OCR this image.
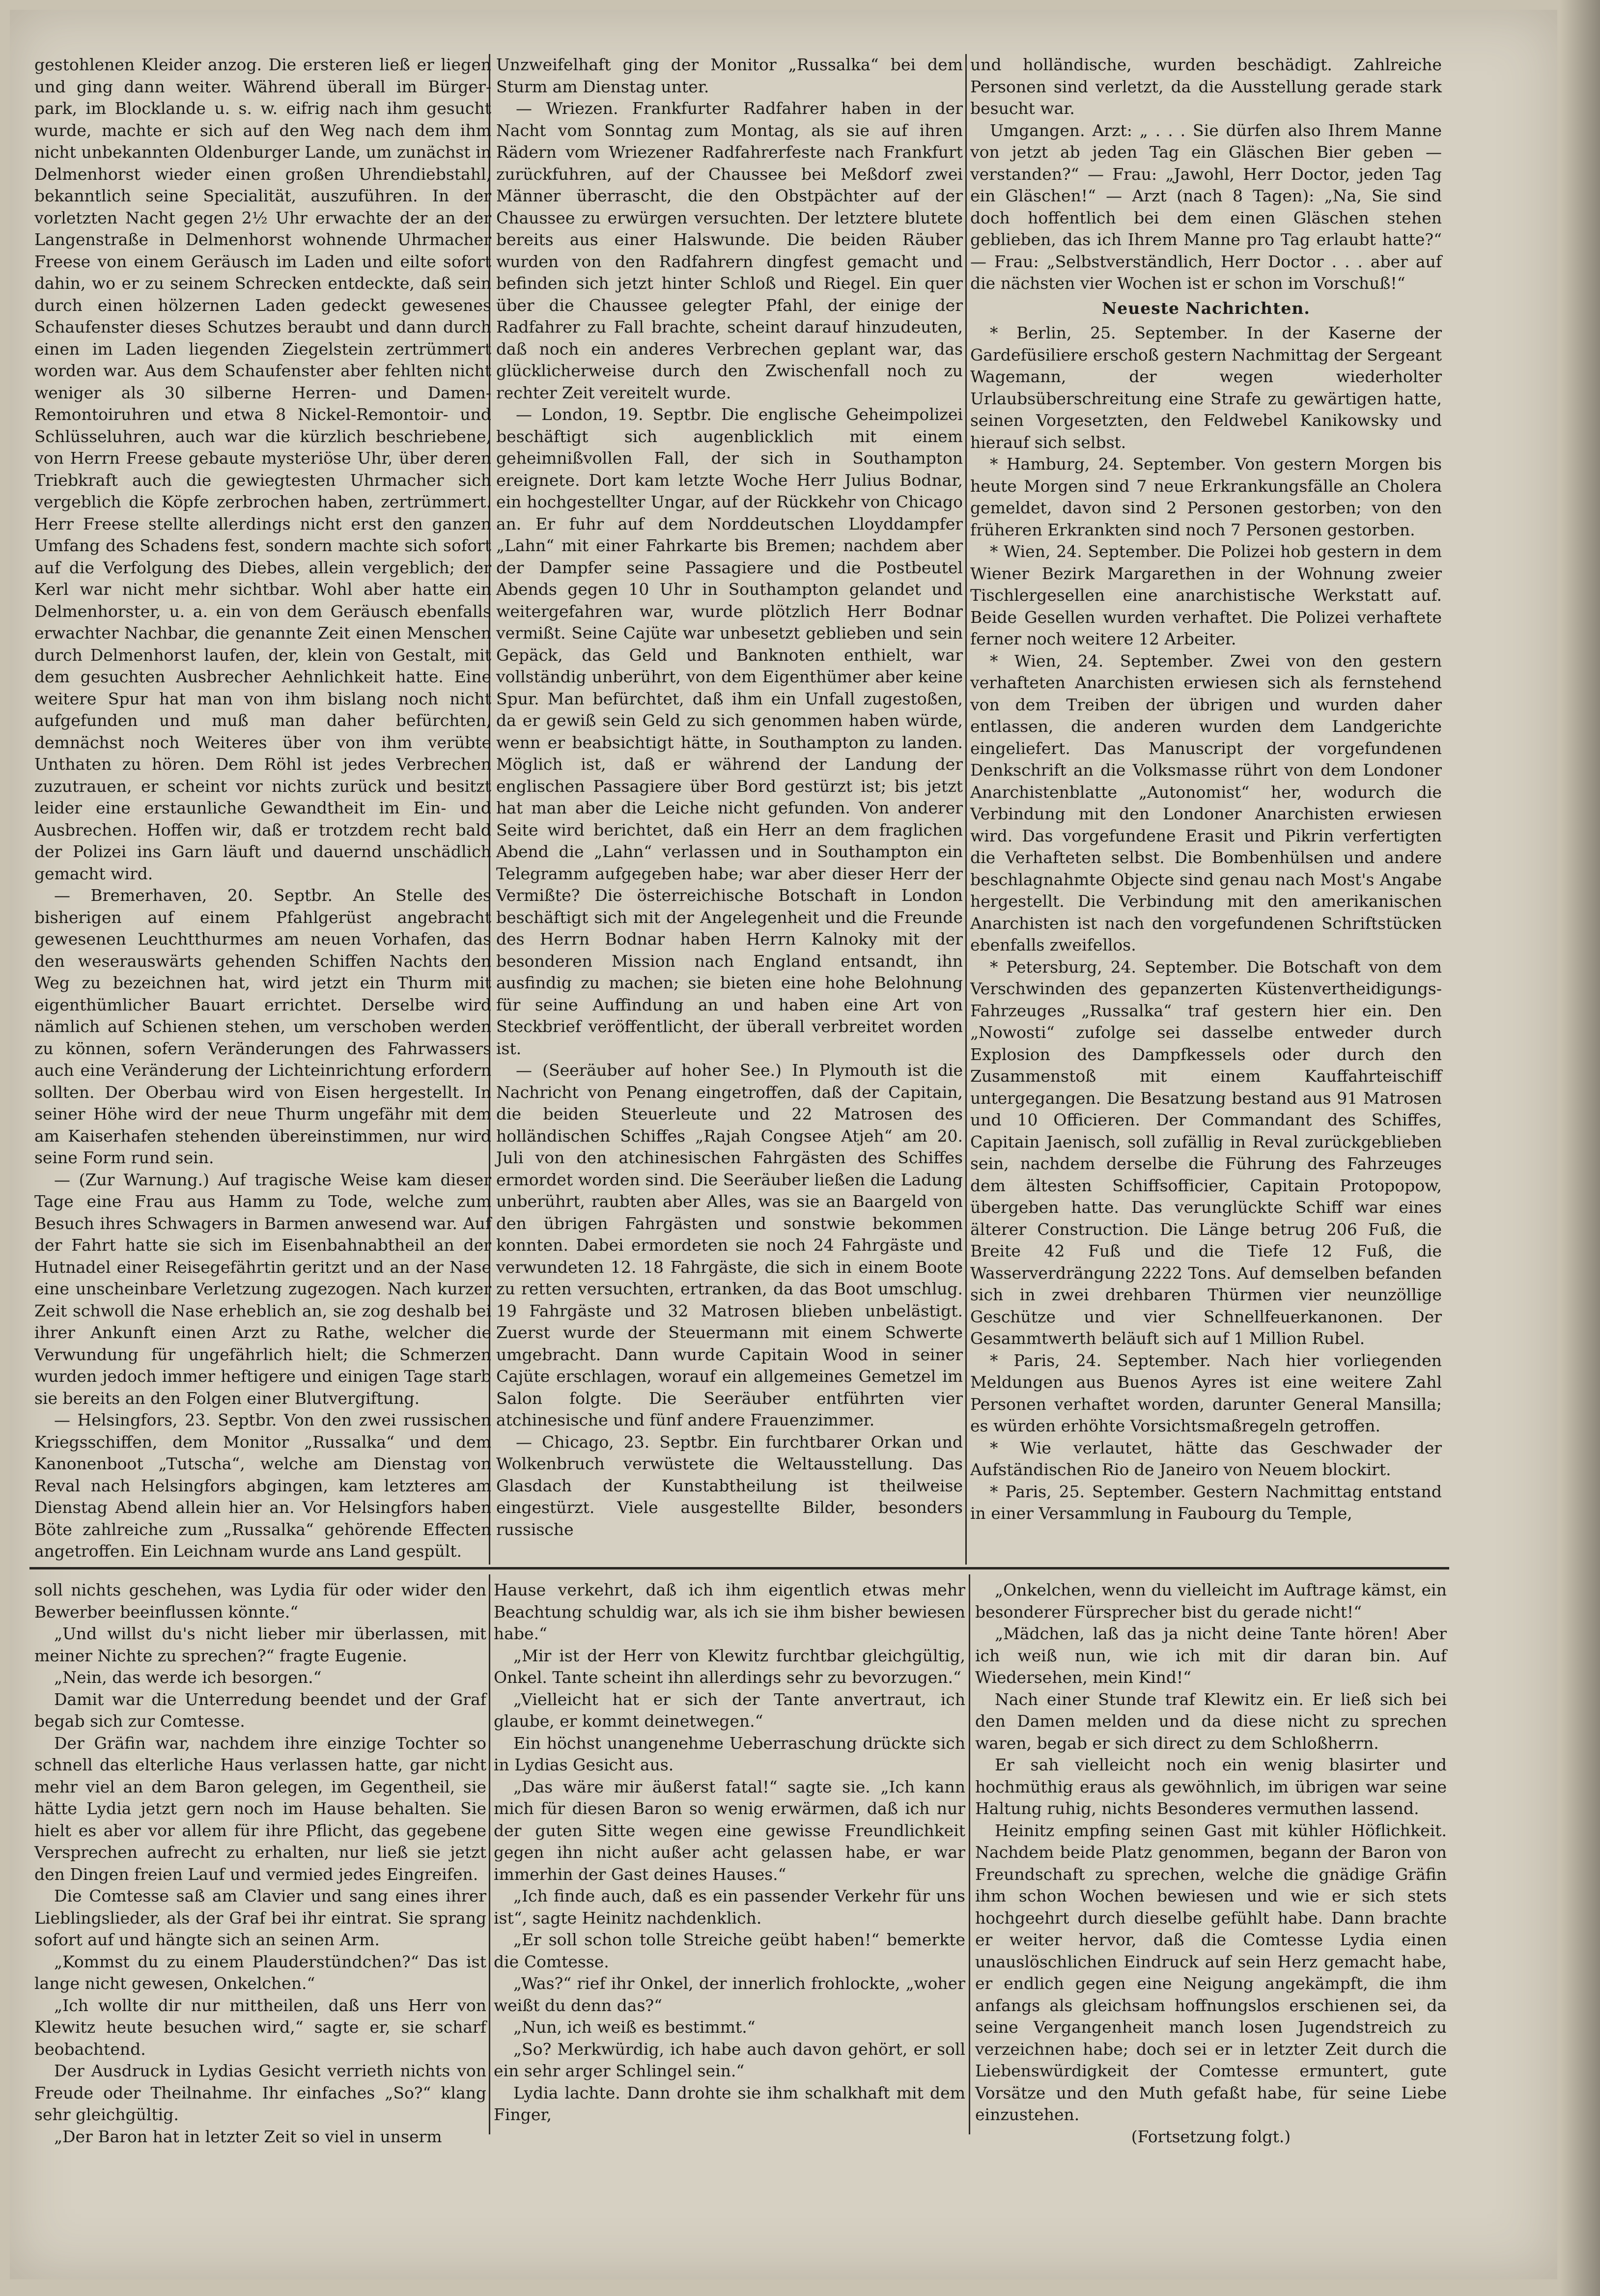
gestohlenen Kleider anzog. Die ersteren ließ er liegen und ging dann weiter. Während überall im Bürger-park, im Blocklande u. s. w. eifrig nach ihm gesucht wurde, machte er sich auf den Weg nach dem ihm nicht unbekannten Oldenburger Lande, um zunächst in Delmenhorst wieder einen großen Uhrendiebstahl, bekanntlich seine Specialität, auszuführen. In der vorletzten Nacht gegen 2½ Uhr erwachte der an der Langenstraße in Delmenhorst wohnende Uhrmacher Freese von einem Geräusch im Laden und eilte sofort dahin, wo er zu seinem Schrecken entdeckte, daß sein durch einen hölzernen Laden gedeckt gewesenes Schaufenster dieses Schutzes beraubt und dann durch einen im Laden liegenden Ziegelstein zertrümmert worden war. Aus dem Schaufenster aber fehlten nicht weniger als 30 silberne Herren- und Damen-Remontoiruhren und etwa 8 Nickel-Remontoir- und Schlüsseluhren, auch war die kürzlich beschriebene, von Herrn Freese gebaute mysteriöse Uhr, über deren Triebkraft auch die gewiegtesten Uhrmacher sich vergeblich die Köpfe zerbrochen haben, zertrümmert. Herr Freese stellte allerdings nicht erst den ganzen Umfang des Schadens fest, sondern machte sich sofort auf die Verfolgung des Diebes, allein vergeblich; der Kerl war nicht mehr sichtbar. Wohl aber hatte ein Delmenhorster, u. a. ein von dem Geräusch ebenfalls erwachter Nachbar, die genannte Zeit einen Menschen durch Delmenhorst laufen, der, klein von Gestalt, mit dem gesuchten Ausbrecher Aehnlichkeit hatte. Eine weitere Spur hat man von ihm bislang noch nicht aufgefunden und muß man daher befürchten, demnächst noch Weiteres über von ihm verübte Unthaten zu hören. Dem Röhl ist jedes Verbrechen zuzutrauen, er scheint vor nichts zurück und besitzt leider eine erstaunliche Gewandtheit im Ein- und Ausbrechen. Hoffen wir, daß er trotzdem recht bald der Polizei ins Garn läuft und dauernd unschädlich gemacht wird.

— Bremerhaven, 20. Septbr. An Stelle des bisherigen auf einem Pfahlgerüst angebracht gewesenen Leuchtthurmes am neuen Vorhafen, das den weserauswärts gehenden Schiffen Nachts den Weg zu bezeichnen hat, wird jetzt ein Thurm mit eigenthümlicher Bauart errichtet. Derselbe wird nämlich auf Schienen stehen, um verschoben werden zu können, sofern Veränderungen des Fahrwassers auch eine Veränderung der Lichteinrichtung erfordern sollten. Der Oberbau wird von Eisen hergestellt. In seiner Höhe wird der neue Thurm ungefähr mit dem am Kaiserhafen stehenden übereinstimmen, nur wird seine Form rund sein.

— (Zur Warnung.) Auf tragische Weise kam dieser Tage eine Frau aus Hamm zu Tode, welche zum Besuch ihres Schwagers in Barmen anwesend war. Auf der Fahrt hatte sie sich im Eisenbahnabtheil an der Hutnadel einer Reisegefährtin geritzt und an der Nase eine unscheinbare Verletzung zugezogen. Nach kurzer Zeit schwoll die Nase erheblich an, sie zog deshalb bei ihrer Ankunft einen Arzt zu Rathe, welcher die Verwundung für ungefährlich hielt; die Schmerzen wurden jedoch immer heftigere und einigen Tage starb sie bereits an den Folgen einer Blutvergiftung.

— Helsingfors, 23. Septbr. Von den zwei russischen Kriegsschiffen, dem Monitor „Russalka“ und dem Kanonenboot „Tutscha“, welche am Dienstag von Reval nach Helsingfors abgingen, kam letzteres am Dienstag Abend allein hier an. Vor Helsingfors haben Böte zahlreiche zum „Russalka“ gehörende Effecten angetroffen. Ein Leichnam wurde ans Land gespült.

Unzweifelhaft ging der Monitor „Russalka“ bei dem Sturm am Dienstag unter.

— Wriezen. Frankfurter Radfahrer haben in der Nacht vom Sonntag zum Montag, als sie auf ihren Rädern vom Wriezener Radfahrerfeste nach Frankfurt zurückfuhren, auf der Chaussee bei Meßdorf zwei Männer überrascht, die den Obstpächter auf der Chaussee zu erwürgen versuchten. Der letztere blutete bereits aus einer Halswunde. Die beiden Räuber wurden von den Radfahrern dingfest gemacht und befinden sich jetzt hinter Schloß und Riegel. Ein quer über die Chaussee gelegter Pfahl, der einige der Radfahrer zu Fall brachte, scheint darauf hinzudeuten, daß noch ein anderes Verbrechen geplant war, das glücklicherweise durch den Zwischenfall noch zu rechter Zeit vereitelt wurde.

— London, 19. Septbr. Die englische Geheimpolizei beschäftigt sich augenblicklich mit einem geheimnißvollen Fall, der sich in Southampton ereignete. Dort kam letzte Woche Herr Julius Bodnar, ein hochgestellter Ungar, auf der Rückkehr von Chicago an. Er fuhr auf dem Norddeutschen Lloyddampfer „Lahn“ mit einer Fahrkarte bis Bremen; nachdem aber der Dampfer seine Passagiere und die Postbeutel Abends gegen 10 Uhr in Southampton gelandet und weitergefahren war, wurde plötzlich Herr Bodnar vermißt. Seine Cajüte war unbesetzt geblieben und sein Gepäck, das Geld und Banknoten enthielt, war vollständig unberührt, von dem Eigenthümer aber keine Spur. Man befürchtet, daß ihm ein Unfall zugestoßen, da er gewiß sein Geld zu sich genommen haben würde, wenn er beabsichtigt hätte, in Southampton zu landen. Möglich ist, daß er während der Landung der englischen Passagiere über Bord gestürzt ist; bis jetzt hat man aber die Leiche nicht gefunden. Von anderer Seite wird berichtet, daß ein Herr an dem fraglichen Abend die „Lahn“ verlassen und in Southampton ein Telegramm aufgegeben habe; war aber dieser Herr der Vermißte? Die österreichische Botschaft in London beschäftigt sich mit der Angelegenheit und die Freunde des Herrn Bodnar haben Herrn Kalnoky mit der besonderen Mission nach England entsandt, ihn ausfindig zu machen; sie bieten eine hohe Belohnung für seine Auffindung an und haben eine Art von Steckbrief veröffentlicht, der überall verbreitet worden ist.

— (Seeräuber auf hoher See.) In Plymouth ist die Nachricht von Penang eingetroffen, daß der Capitain, die beiden Steuerleute und 22 Matrosen des holländischen Schiffes „Rajah Congsee Atjeh“ am 20. Juli von den atchinesischen Fahrgästen des Schiffes ermordet worden sind. Die Seeräuber ließen die Ladung unberührt, raubten aber Alles, was sie an Baargeld von den übrigen Fahrgästen und sonstwie bekommen konnten. Dabei ermordeten sie noch 24 Fahrgäste und verwundeten 12. 18 Fahrgäste, die sich in einem Boote zu retten versuchten, ertranken, da das Boot umschlug. 19 Fahrgäste und 32 Matrosen blieben unbelästigt. Zuerst wurde der Steuermann mit einem Schwerte umgebracht. Dann wurde Capitain Wood in seiner Cajüte erschlagen, worauf ein allgemeines Gemetzel im Salon folgte. Die Seeräuber entführten vier atchinesische und fünf andere Frauenzimmer.

— Chicago, 23. Septbr. Ein furchtbarer Orkan und Wolkenbruch verwüstete die Weltausstellung. Das Glasdach der Kunstabtheilung ist theilweise eingestürzt. Viele ausgestellte Bilder, besonders russische

und holländische, wurden beschädigt. Zahlreiche Personen sind verletzt, da die Ausstellung gerade stark besucht war.

Umgangen. Arzt: „ . . . Sie dürfen also Ihrem Manne von jetzt ab jeden Tag ein Gläschen Bier geben — verstanden?“ — Frau: „Jawohl, Herr Doctor, jeden Tag ein Gläschen!“ — Arzt (nach 8 Tagen): „Na, Sie sind doch hoffentlich bei dem einen Gläschen stehen geblieben, das ich Ihrem Manne pro Tag erlaubt hatte?“ — Frau: „Selbstverständlich, Herr Doctor . . . aber auf die nächsten vier Wochen ist er schon im Vorschuß!“

Neueste Nachrichten.

* Berlin, 25. September. In der Kaserne der Gardefüsiliere erschoß gestern Nachmittag der Sergeant Wagemann, der wegen wiederholter Urlaubsüberschreitung eine Strafe zu gewärtigen hatte, seinen Vorgesetzten, den Feldwebel Kanikowsky und hierauf sich selbst.

* Hamburg, 24. September. Von gestern Morgen bis heute Morgen sind 7 neue Erkrankungsfälle an Cholera gemeldet, davon sind 2 Personen gestorben; von den früheren Erkrankten sind noch 7 Personen gestorben.

* Wien, 24. September. Die Polizei hob gestern in dem Wiener Bezirk Margarethen in der Wohnung zweier Tischlergesellen eine anarchistische Werkstatt auf. Beide Gesellen wurden verhaftet. Die Polizei verhaftete ferner noch weitere 12 Arbeiter.

* Wien, 24. September. Zwei von den gestern verhafteten Anarchisten erwiesen sich als fernstehend von dem Treiben der übrigen und wurden daher entlassen, die anderen wurden dem Landgerichte eingeliefert. Das Manuscript der vorgefundenen Denkschrift an die Volksmasse rührt von dem Londoner Anarchistenblatte „Autonomist“ her, wodurch die Verbindung mit den Londoner Anarchisten erwiesen wird. Das vorgefundene Erasit und Pikrin verfertigten die Verhafteten selbst. Die Bombenhülsen und andere beschlagnahmte Objecte sind genau nach Most's Angabe hergestellt. Die Verbindung mit den amerikanischen Anarchisten ist nach den vorgefundenen Schriftstücken ebenfalls zweifellos.

* Petersburg, 24. September. Die Botschaft von dem Verschwinden des gepanzerten Küstenvertheidigungs-Fahrzeuges „Russalka“ traf gestern hier ein. Den „Nowosti“ zufolge sei dasselbe entweder durch Explosion des Dampfkessels oder durch den Zusammenstoß mit einem Kauffahrteischiff untergegangen. Die Besatzung bestand aus 91 Matrosen und 10 Officieren. Der Commandant des Schiffes, Capitain Jaenisch, soll zufällig in Reval zurückgeblieben sein, nachdem derselbe die Führung des Fahrzeuges dem ältesten Schiffsofficier, Capitain Protopopow, übergeben hatte. Das verunglückte Schiff war eines älterer Construction. Die Länge betrug 206 Fuß, die Breite 42 Fuß und die Tiefe 12 Fuß, die Wasserverdrängung 2222 Tons. Auf demselben befanden sich in zwei drehbaren Thürmen vier neunzöllige Geschütze und vier Schnellfeuerkanonen. Der Gesammtwerth beläuft sich auf 1 Million Rubel.

* Paris, 24. September. Nach hier vorliegenden Meldungen aus Buenos Ayres ist eine weitere Zahl Personen verhaftet worden, darunter General Mansilla; es würden erhöhte Vorsichtsmaßregeln getroffen.

* Wie verlautet, hätte das Geschwader der Aufständischen Rio de Janeiro von Neuem blockirt.

* Paris, 25. September. Gestern Nachmittag entstand in einer Versammlung in Faubourg du Temple,

soll nichts geschehen, was Lydia für oder wider den Bewerber beeinflussen könnte.“

„Und willst du's nicht lieber mir überlassen, mit meiner Nichte zu sprechen?“ fragte Eugenie.

„Nein, das werde ich besorgen.“

Damit war die Unterredung beendet und der Graf begab sich zur Comtesse.

Der Gräfin war, nachdem ihre einzige Tochter so schnell das elterliche Haus verlassen hatte, gar nicht mehr viel an dem Baron gelegen, im Gegentheil, sie hätte Lydia jetzt gern noch im Hause behalten. Sie hielt es aber vor allem für ihre Pflicht, das gegebene Versprechen aufrecht zu erhalten, nur ließ sie jetzt den Dingen freien Lauf und vermied jedes Eingreifen.

Die Comtesse saß am Clavier und sang eines ihrer Lieblingslieder, als der Graf bei ihr eintrat. Sie sprang sofort auf und hängte sich an seinen Arm.

„Kommst du zu einem Plauderstündchen?“ Das ist lange nicht gewesen, Onkelchen.“

„Ich wollte dir nur mittheilen, daß uns Herr von Klewitz heute besuchen wird,“ sagte er, sie scharf beobachtend.

Der Ausdruck in Lydias Gesicht verrieth nichts von Freude oder Theilnahme. Ihr einfaches „So?“ klang sehr gleichgültig.

„Der Baron hat in letzter Zeit so viel in unserm

Hause verkehrt, daß ich ihm eigentlich etwas mehr Beachtung schuldig war, als ich sie ihm bisher bewiesen habe.“

„Mir ist der Herr von Klewitz furchtbar gleichgültig, Onkel. Tante scheint ihn allerdings sehr zu bevorzugen.“

„Vielleicht hat er sich der Tante anvertraut, ich glaube, er kommt deinetwegen.“

Ein höchst unangenehme Ueberraschung drückte sich in Lydias Gesicht aus.

„Das wäre mir äußerst fatal!“ sagte sie. „Ich kann mich für diesen Baron so wenig erwärmen, daß ich nur der guten Sitte wegen eine gewisse Freundlichkeit gegen ihn nicht außer acht gelassen habe, er war immerhin der Gast deines Hauses.“

„Ich finde auch, daß es ein passender Verkehr für uns ist“, sagte Heinitz nachdenklich.

„Er soll schon tolle Streiche geübt haben!“ bemerkte die Comtesse.

„Was?“ rief ihr Onkel, der innerlich frohlockte, „woher weißt du denn das?“

„Nun, ich weiß es bestimmt.“

„So? Merkwürdig, ich habe auch davon gehört, er soll ein sehr arger Schlingel sein.“

Lydia lachte. Dann drohte sie ihm schalkhaft mit dem Finger,

„Onkelchen, wenn du vielleicht im Auftrage kämst, ein besonderer Fürsprecher bist du gerade nicht!“

„Mädchen, laß das ja nicht deine Tante hören! Aber ich weiß nun, wie ich mit dir daran bin. Auf Wiedersehen, mein Kind!“

Nach einer Stunde traf Klewitz ein. Er ließ sich bei den Damen melden und da diese nicht zu sprechen waren, begab er sich direct zu dem Schloßherrn.

Er sah vielleicht noch ein wenig blasirter und hochmüthig eraus als gewöhnlich, im übrigen war seine Haltung ruhig, nichts Besonderes vermuthen lassend.

Heinitz empfing seinen Gast mit kühler Höflichkeit. Nachdem beide Platz genommen, begann der Baron von Freundschaft zu sprechen, welche die gnädige Gräfin ihm schon Wochen bewiesen und wie er sich stets hochgeehrt durch dieselbe gefühlt habe. Dann brachte er weiter hervor, daß die Comtesse Lydia einen unauslöschlichen Eindruck auf sein Herz gemacht habe, er endlich gegen eine Neigung angekämpft, die ihm anfangs als gleichsam hoffnungslos erschienen sei, da seine Vergangenheit manch losen Jugendstreich zu verzeichnen habe; doch sei er in letzter Zeit durch die Liebenswürdigkeit der Comtesse ermuntert, gute Vorsätze und den Muth gefaßt habe, für seine Liebe einzustehen.

(Fortsetzung folgt.)
